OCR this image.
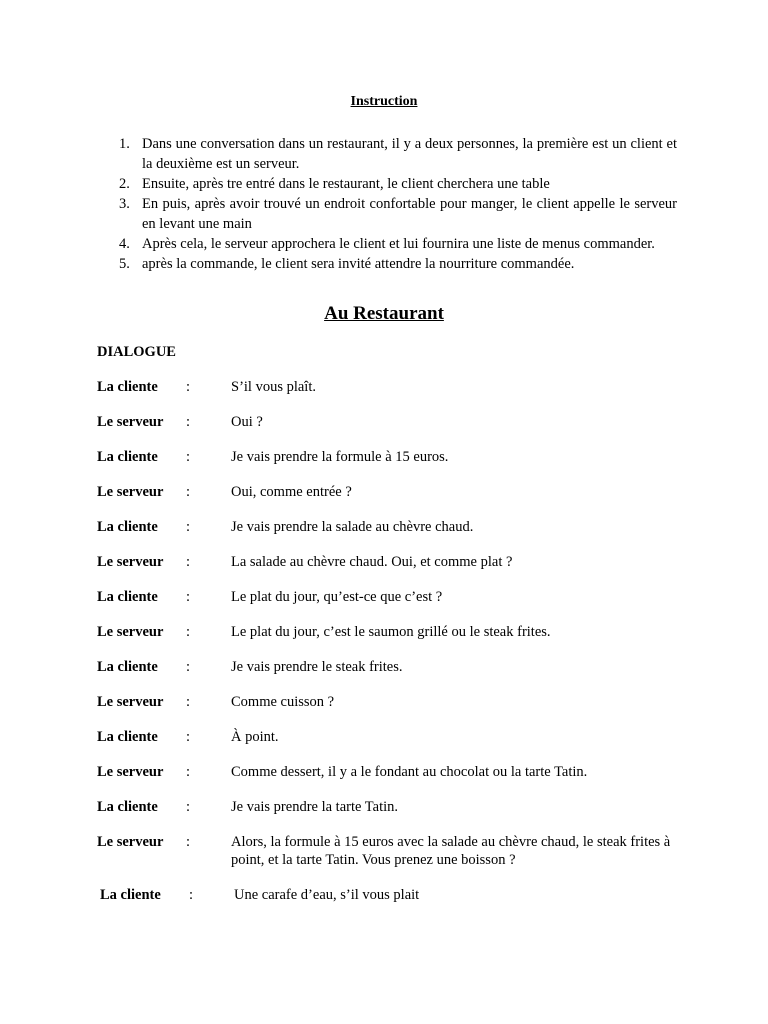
Instruction
1. Dans une conversation dans un restaurant, il y a deux personnes, la première est un client et la deuxième est un serveur.
2. Ensuite, après tre entré dans le restaurant, le client cherchera une table
3. En puis, après avoir trouvé un endroit confortable pour manger, le client appelle le serveur en levant une main
4. Après cela, le serveur approchera le client et lui fournira une liste de menus commander.
5. après la commande, le client sera invité attendre la nourriture commandée.
Au Restaurant
DIALOGUE
La cliente :	S’il vous plaît.
Le serveur :	Oui ?
La cliente :	Je vais prendre la formule à 15 euros.
Le serveur :	Oui, comme entrée ?
La cliente :	Je vais prendre la salade au chèvre chaud.
Le serveur :	La salade au chèvre chaud. Oui, et comme plat ?
La cliente :	Le plat du jour, qu’est-ce que c’est ?
Le serveur :	Le plat du jour, c’est le saumon grillé ou le steak frites.
La cliente :	Je vais prendre le steak frites.
Le serveur :	Comme cuisson ?
La cliente :	À point.
Le serveur :	Comme dessert, il y a le fondant au chocolat ou la tarte Tatin.
La cliente :	Je vais prendre la tarte Tatin.
Le serveur :	Alors, la formule à 15 euros avec la salade au chèvre chaud, le steak frites à point, et la tarte Tatin. Vous prenez une boisson ?
La cliente :	Une carafe d’eau, s’il vous plait
